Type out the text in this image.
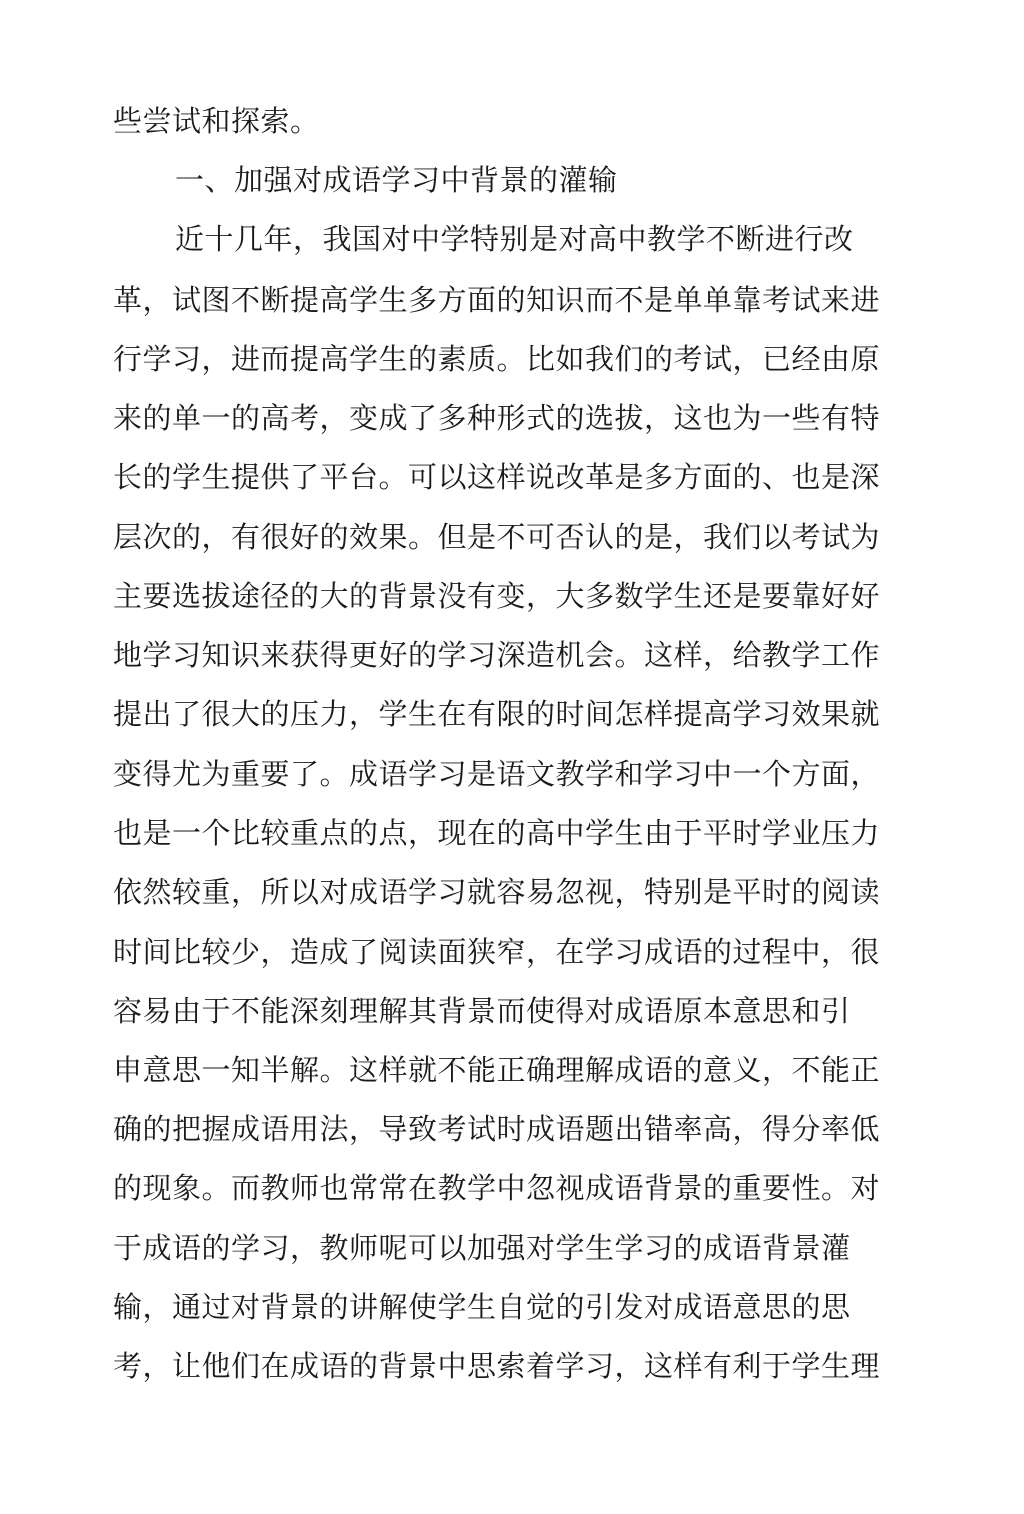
些尝试和探索。
一、加强对成语学习中背景的灌输
近十几年，我国对中学特别是对高中教学不断进行改
革，试图不断提高学生多方面的知识而不是单单靠考试来进
行学习，进而提高学生的素质。比如我们的考试，已经由原
来的单一的高考，变成了多种形式的选拔，这也为一些有特
长的学生提供了平台。可以这样说改革是多方面的、也是深
层次的，有很好的效果。但是不可否认的是，我们以考试为
主要选拔途径的大的背景没有变，大多数学生还是要靠好好
地学习知识来获得更好的学习深造机会。这样，给教学工作
提出了很大的压力，学生在有限的时间怎样提高学习效果就
变得尤为重要了。成语学习是语文教学和学习中一个方面，
也是一个比较重点的点，现在的高中学生由于平时学业压力
依然较重，所以对成语学习就容易忽视，特别是平时的阅读
时间比较少，造成了阅读面狭窄，在学习成语的过程中，很
容易由于不能深刻理解其背景而使得对成语原本意思和引
申意思一知半解。这样就不能正确理解成语的意义，不能正
确的把握成语用法，导致考试时成语题出错率高，得分率低
的现象。而教师也常常在教学中忽视成语背景的重要性。对
于成语的学习，教师呢可以加强对学生学习的成语背景灌
输，通过对背景的讲解使学生自觉的引发对成语意思的思
考，让他们在成语的背景中思索着学习，这样有利于学生理
